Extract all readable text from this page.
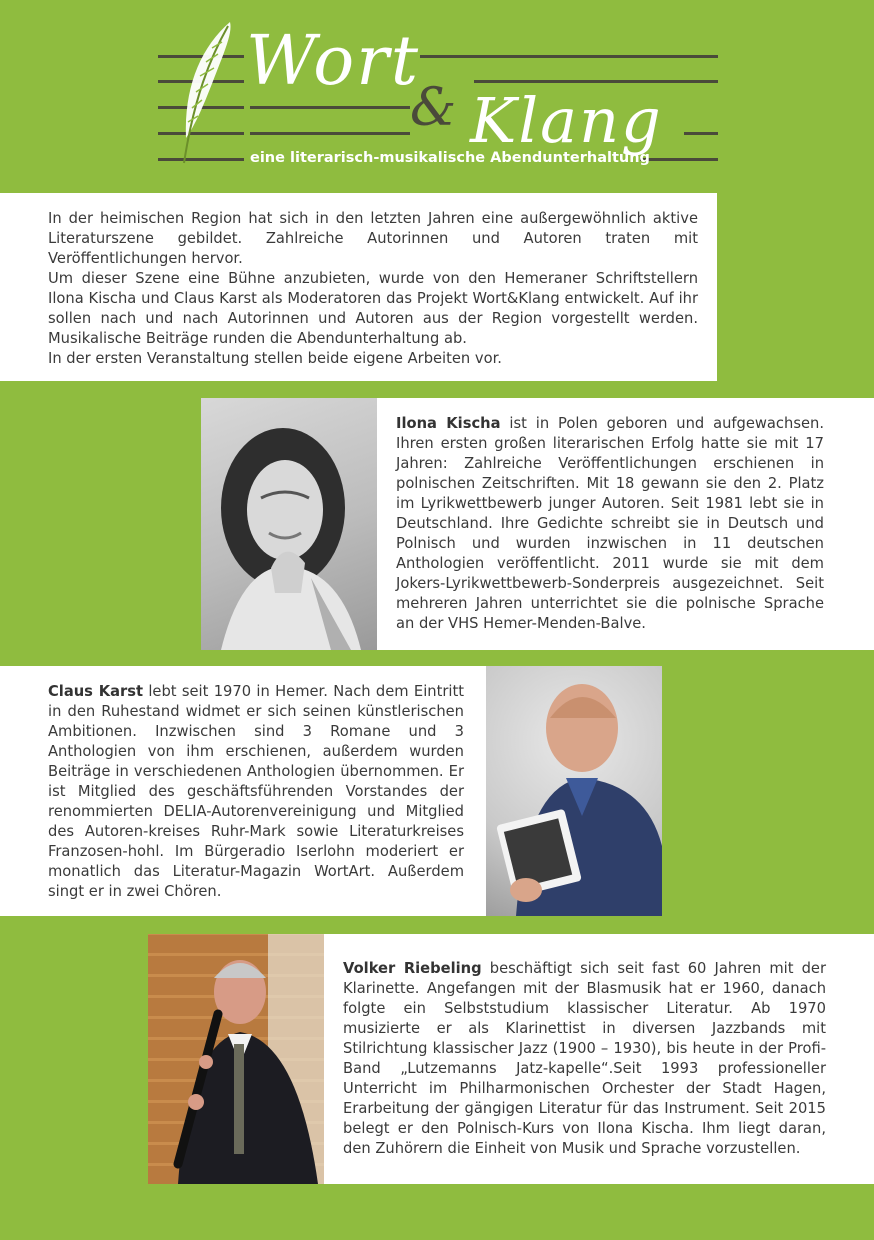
Wort
& Klang
eine literarisch-musikalische Abendunterhaltung

In der heimischen Region hat sich in den letzten Jahren eine außergewöhnlich aktive Literaturszene gebildet. Zahlreiche Autorinnen und Autoren traten mit Veröffentlichungen hervor.

Um dieser Szene eine Bühne anzubieten, wurde von den Hemeraner Schriftstellern Ilona Kischa und Claus Karst als Moderatoren das Projekt Wort&Klang entwickelt. Auf ihr sollen nach und nach Autorinnen und Autoren aus der Region vorgestellt werden. Musikalische Beiträge runden die Abendunterhaltung ab.

In der ersten Veranstaltung stellen beide eigene Arbeiten vor.

Ilona Kischa ist in Polen geboren und aufgewachsen. Ihren ersten großen literarischen Erfolg hatte sie mit 17 Jahren: Zahlreiche Veröffentlichungen erschienen in polnischen Zeitschriften. Mit 18 gewann sie den 2. Platz im Lyrikwettbewerb junger Autoren. Seit 1981 lebt sie in Deutschland. Ihre Gedichte schreibt sie in Deutsch und Polnisch und wurden inzwischen in 11 deutschen Anthologien veröffentlicht. 2011 wurde sie mit dem Jokers-Lyrikwettbewerb-Sonderpreis ausgezeichnet. Seit mehreren Jahren unterrichtet sie die polnische Sprache an der VHS Hemer-Menden-Balve.

Claus Karst lebt seit 1970 in Hemer. Nach dem Eintritt in den Ruhestand widmet er sich seinen künstlerischen Ambitionen. Inzwischen sind 3 Romane und 3 Anthologien von ihm erschienen, außerdem wurden Beiträge in verschiedenen Anthologien übernommen. Er ist Mitglied des geschäftsführenden Vorstandes der renommierten DELIA-Autorenvereinigung und Mitglied des Autoren-kreises Ruhr-Mark sowie Literaturkreises Franzosen-hohl. Im Bürgeradio Iserlohn moderiert er monatlich das Literatur-Magazin WortArt. Außerdem singt er in zwei Chören.

Volker Riebeling beschäftigt sich seit fast 60 Jahren mit der Klarinette. Angefangen mit der Blasmusik hat er 1960, danach folgte ein Selbststudium klassischer Literatur. Ab 1970 musizierte er als Klarinettist in diversen Jazzbands mit Stilrichtung klassischer Jazz (1900 – 1930), bis heute in der Profi-Band „Lutzemanns Jatz-kapelle“.Seit 1993 professioneller Unterricht im Philharmonischen Orchester der Stadt Hagen, Erarbeitung der gängigen Literatur für das Instrument. Seit 2015 belegt er den Polnisch-Kurs von Ilona Kischa. Ihm liegt daran, den Zuhörern die Einheit von Musik und Sprache vorzustellen.
